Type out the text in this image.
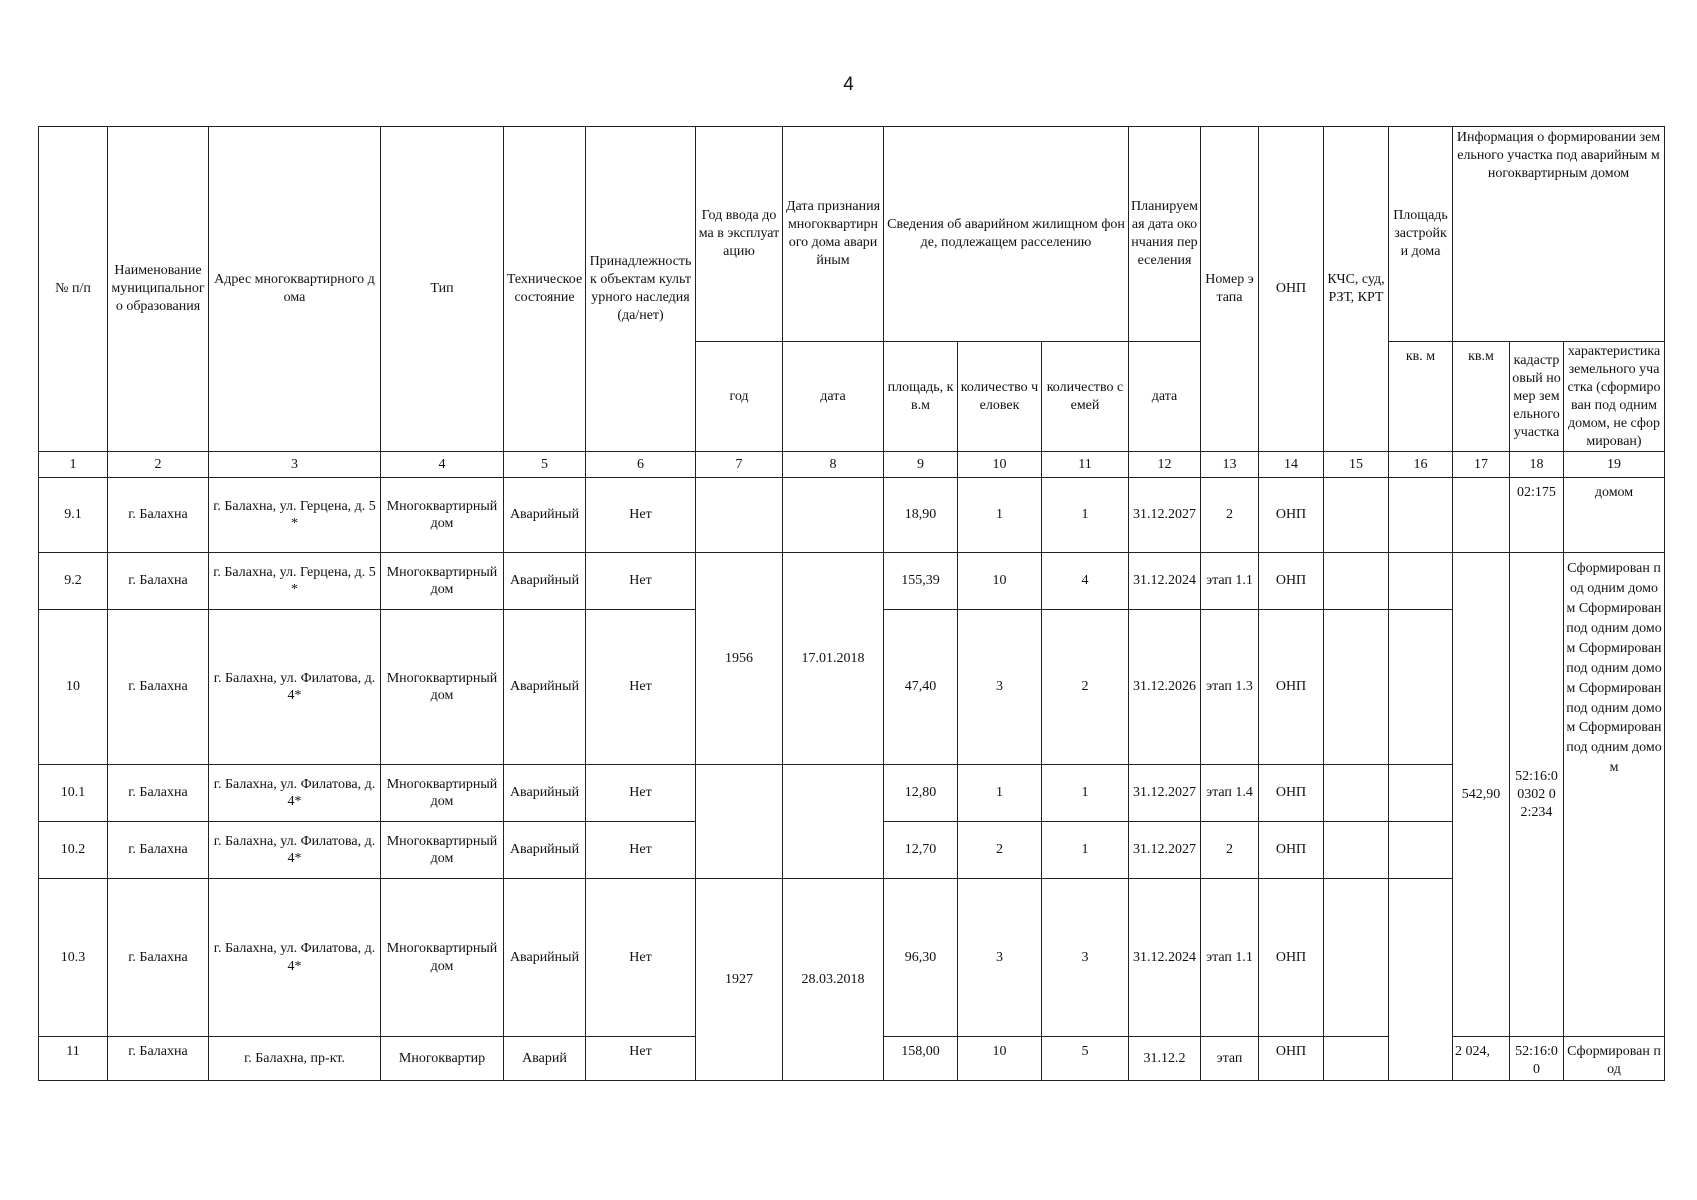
4
№ п/п	Наименование муниципального образования	Адрес многоквартирного дома	Тип	Техническое состояние	Принадлежность к объектам культурного наследия (да/нет)	Год ввода дома в эксплуатацию	Дата признания многоквартирного дома аварийным	Сведения об аварийном жилищном фонде, подлежащем расселению			Планируемая дата окончания переселения	Номер этапа	ОНП	КЧС, суд, РЗТ, КРТ	Площадь застройки дома	Информация о формировании земельного участка под аварийным многоквартирным домом		

						год	дата	площадь, кв.м	количество человек	количество семей	дата				кв. м	кв.м	кадастровый номер земельного участка	характеристика земельного участка (сформирован под одним домом, не сформирован)
1	2	3	4	5	6	7	8	9	10	11	12	13	14	15	16	17	18	19
9.1	г. Балахна	г. Балахна, ул. Герцена, д. 5*	Многоквартирный дом	Аварийный	Нет			18,90	1	1	31.12.2027	2	ОНП				02:175	домом
9.2	г. Балахна	г. Балахна, ул. Герцена, д. 5*	Многоквартирный дом	Аварийный	Нет	1956	17.01.2018	155,39	10	4	31.12.2024	этап 1.1	ОНП			542,90	52:16:00302 02:234	Сформирован под одним домом Сформирован под одним домом Сформирован под одним домом Сформирован под одним домом Сформирован под одним домом
10	г. Балахна	г. Балахна, ул. Филатова, д. 4*	Многоквартирный дом	Аварийный	Нет			47,40	3	2	31.12.2026	этап 1.3	ОНП					
10.1	г. Балахна	г. Балахна, ул. Филатова, д. 4*	Многоквартирный дом	Аварийный	Нет			12,80	1	1	31.12.2027	этап 1.4	ОНП					
10.2	г. Балахна	г. Балахна, ул. Филатова, д. 4*	Многоквартирный дом	Аварийный	Нет			12,70	2	1	31.12.2027	2	ОНП					
10.3	г. Балахна	г. Балахна, ул. Филатова, д. 4*	Многоквартирный дом	Аварийный	Нет	1927	28.03.2018	96,30	3	3	31.12.2024	этап 1.1	ОНП					
11	г. Балахна	г. Балахна, пр-кт.	Многоквартир	Аварий	Нет			158,00	10	5	31.12.2	этап	ОНП			2 024,	52:16:00	Сформирован под
